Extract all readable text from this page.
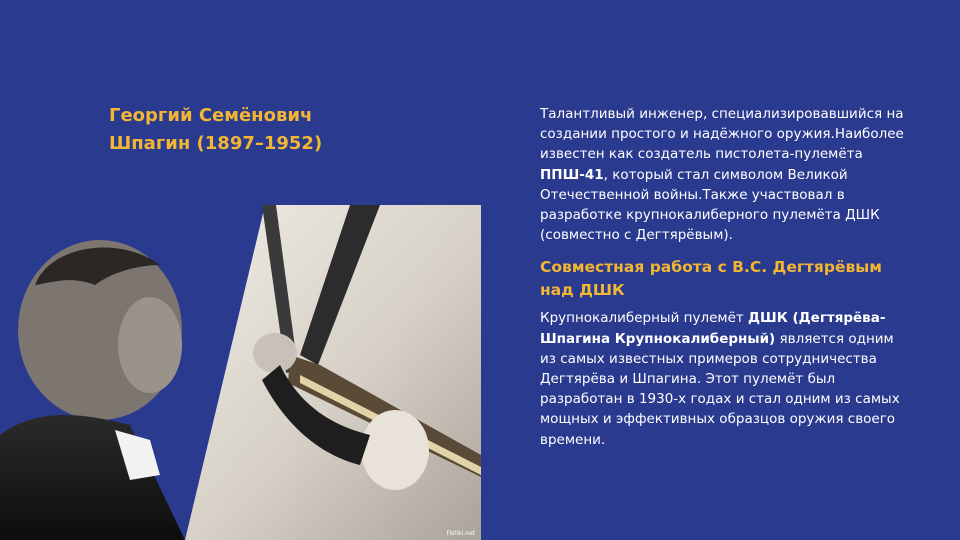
Георгий Семёнович
Шпагин (1897–1952)
Fishki.net

Талантливый инженер, специализировавшийся на создании простого и надёжного оружия.Наиболее известен как создатель пистолета-пулемёта ППШ-41, который стал символом Великой Отечественной войны.Также участвовал в разработке крупнокалиберного пулемёта ДШК (совместно с Дегтярёвым).

Совместная работа с В.С. Дегтярёвым над ДШК

Крупнокалиберный пулемёт ДШК (Дегтярёва-Шпагина Крупнокалиберный) является одним из самых известных примеров сотрудничества Дегтярёва и Шпагина. Этот пулемёт был разработан в 1930-х годах и стал одним из самых мощных и эффективных образцов оружия своего времени.
